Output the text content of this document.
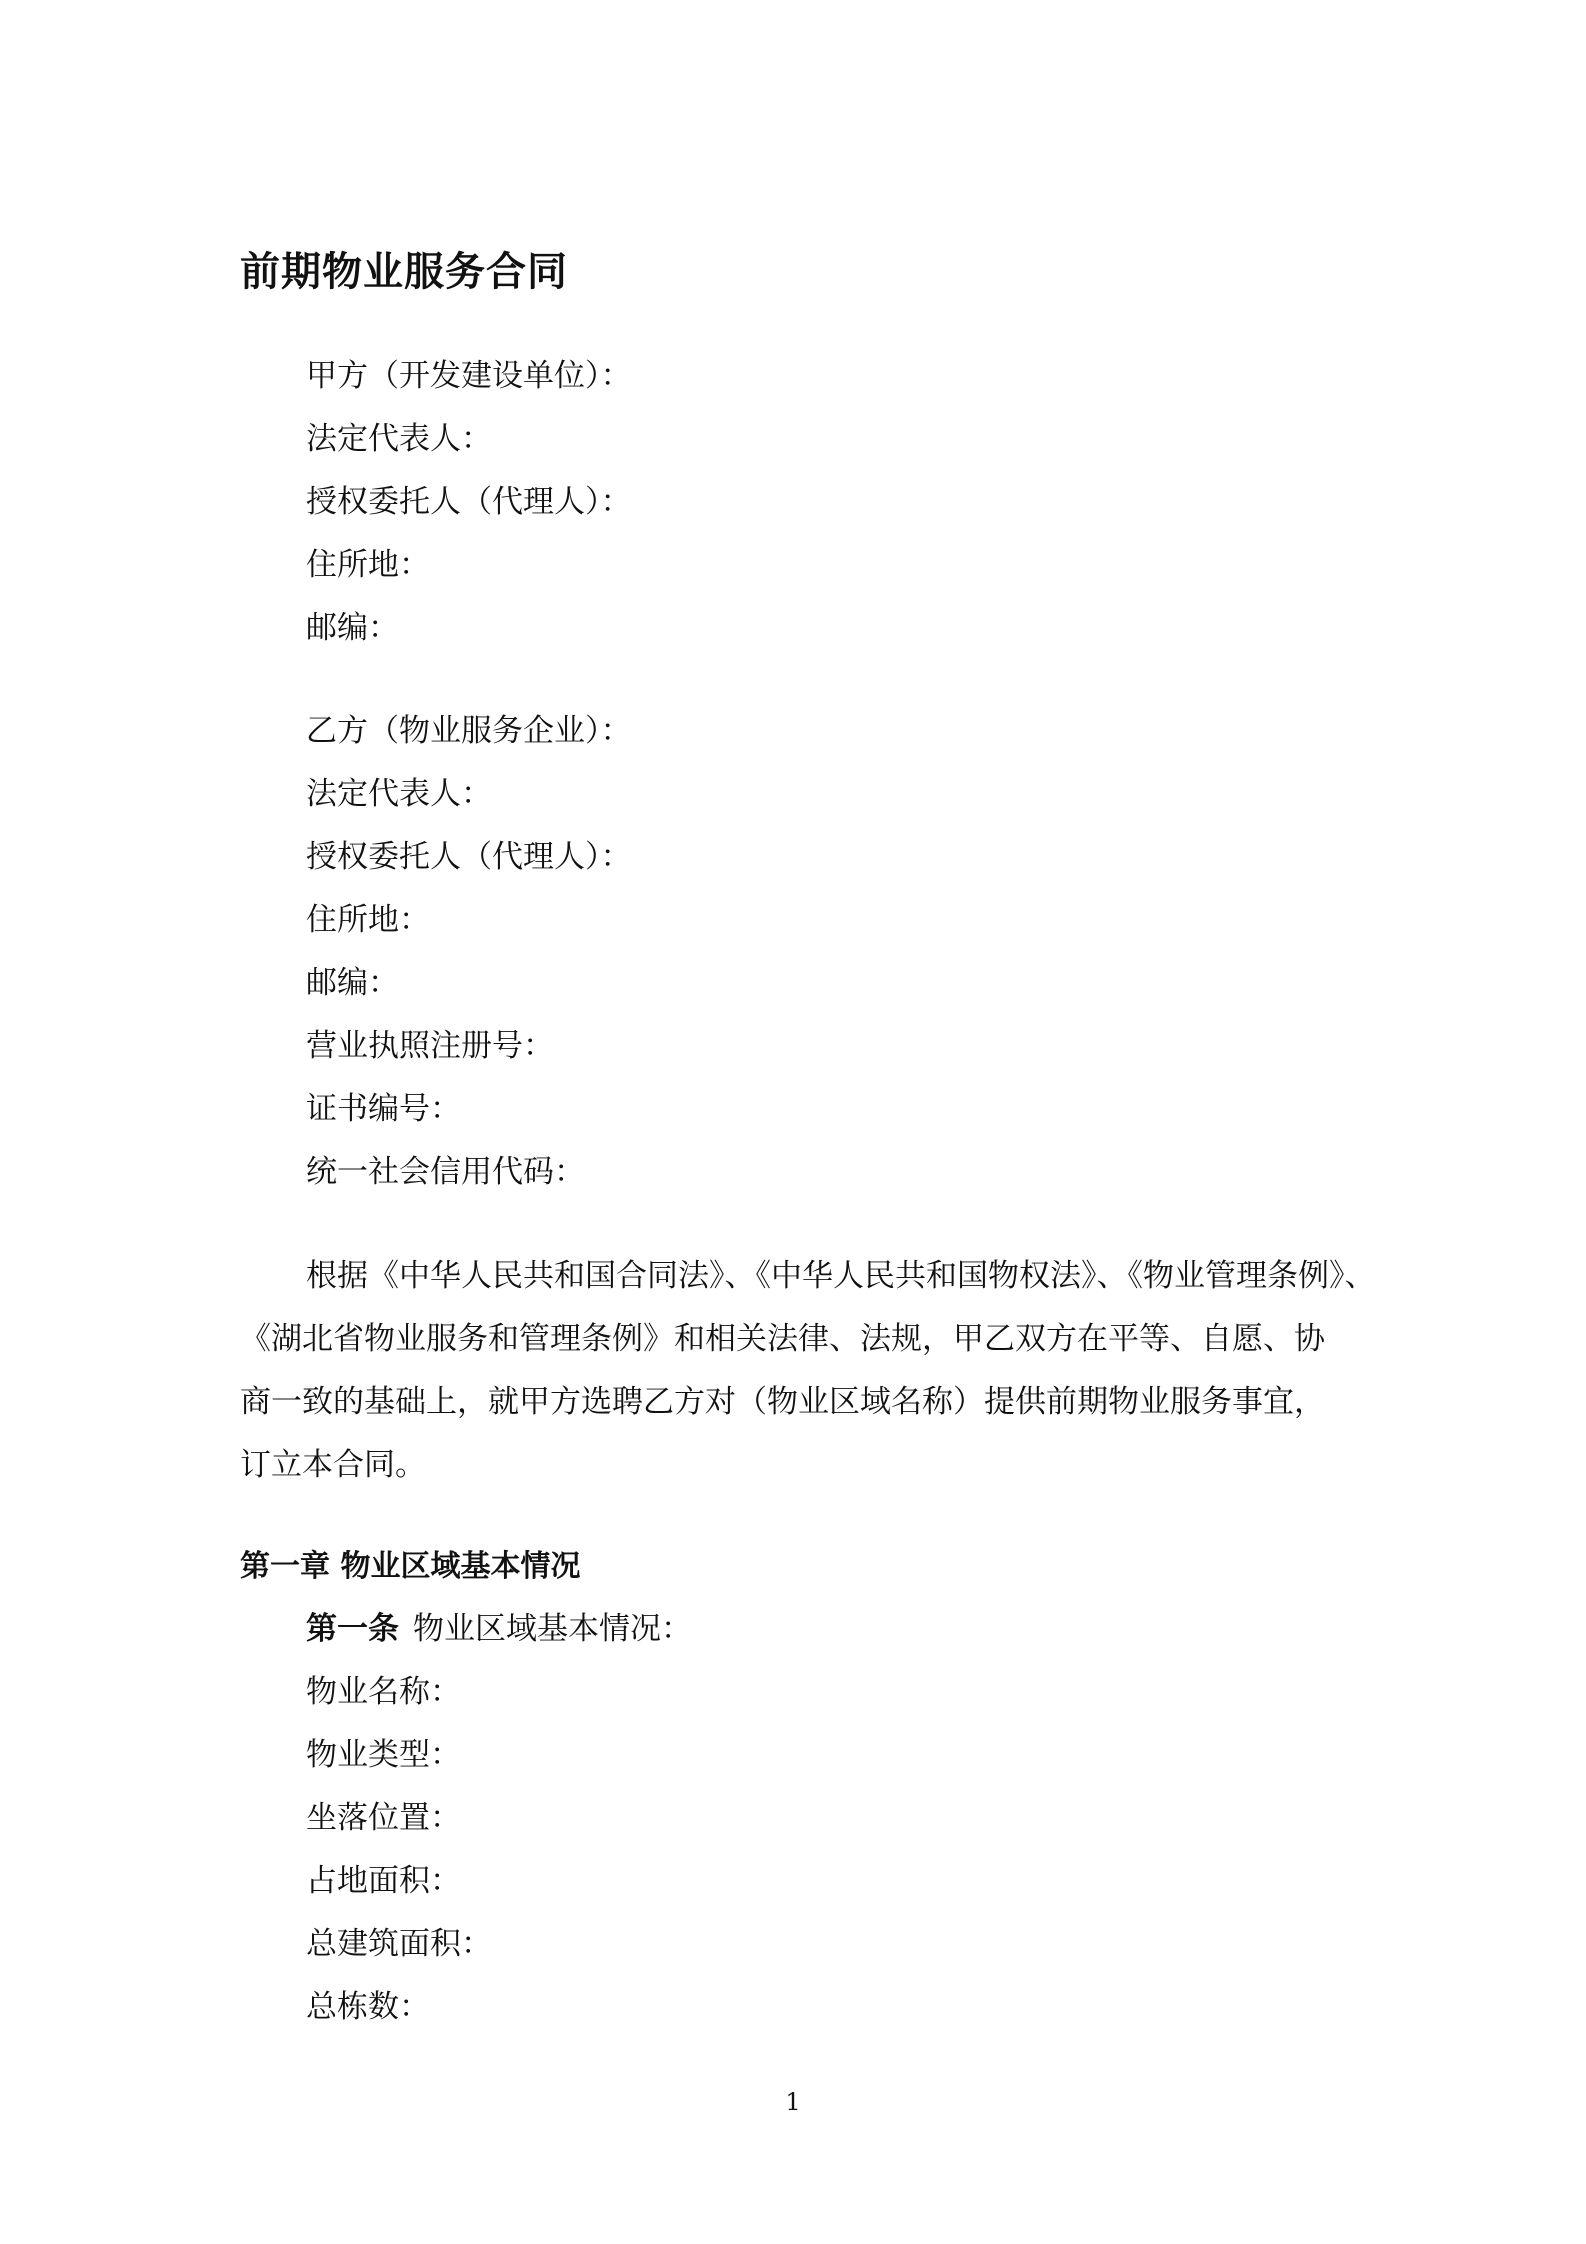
前期物业服务合同
甲方（开发建设单位）：
法定代表人：
授权委托人（代理人）：
住所地：
邮编：
乙方（物业服务企业）：
法定代表人：
授权委托人（代理人）：
住所地：
邮编：
营业执照注册号：
证书编号：
统一社会信用代码：

根据《中华人民共和国合同法》、《中华人民共和国物权法》、《物业管理条例》、
《湖北省物业服务和管理条例》和相关法律、法规，甲乙双方在平等、自愿、协
商一致的基础上，就甲方选聘乙方对（物业区域名称）提供前期物业服务事宜，
订立本合同。

第一章 物业区域基本情况

第一条 物业区域基本情况：

物业名称：
物业类型：
坐落位置：
占地面积：
总建筑面积：
总栋数：
1
